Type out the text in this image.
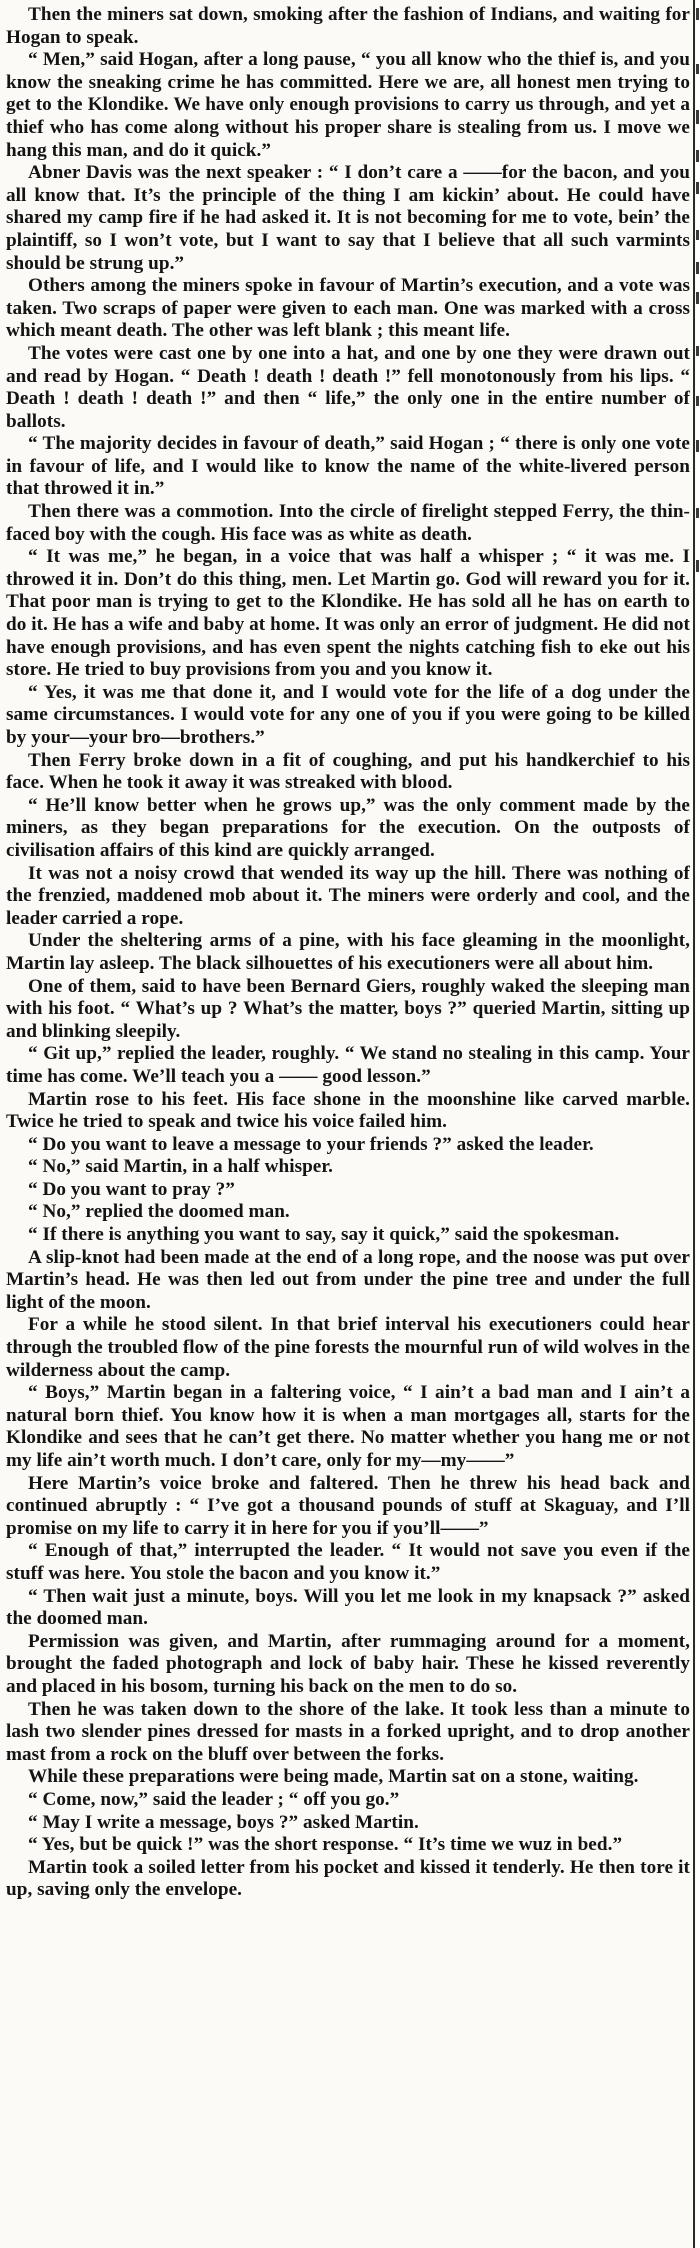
Then the miners sat down, smoking after the fashion of Indians, and waiting for Hogan to speak.

“ Men,” said Hogan, after a long pause, “ you all know who the thief is, and you know the sneaking crime he has committed. Here we are, all honest men trying to get to the Klondike. We have only enough provisions to carry us through, and yet a thief who has come along without his proper share is stealing from us. I move we hang this man, and do it quick.”

Abner Davis was the next speaker : “ I don’t care a ——for the bacon, and you all know that. It’s the principle of the thing I am kickin’ about. He could have shared my camp fire if he had asked it. It is not becoming for me to vote, bein’ the plaintiff, so I won’t vote, but I want to say that I believe that all such varmints should be strung up.”

Others among the miners spoke in favour of Martin’s execution, and a vote was taken. Two scraps of paper were given to each man. One was marked with a cross which meant death. The other was left blank ; this meant life.

The votes were cast one by one into a hat, and one by one they were drawn out and read by Hogan. “ Death ! death ! death !” fell monotonously from his lips. “ Death ! death ! death !” and then “ life,” the only one in the entire number of ballots.

“ The majority decides in favour of death,” said Hogan ; “ there is only one vote in favour of life, and I would like to know the name of the white-livered person that throwed it in.”

Then there was a commotion. Into the circle of firelight stepped Ferry, the thin-faced boy with the cough. His face was as white as death.

“ It was me,” he began, in a voice that was half a whisper ; “ it was me. I throwed it in. Don’t do this thing, men. Let Martin go. God will reward you for it. That poor man is trying to get to the Klondike. He has sold all he has on earth to do it. He has a wife and baby at home. It was only an error of judgment. He did not have enough provisions, and has even spent the nights catching fish to eke out his store. He tried to buy provisions from you and you know it.

“ Yes, it was me that done it, and I would vote for the life of a dog under the same circumstances. I would vote for any one of you if you were going to be killed by your—your bro—brothers.”

Then Ferry broke down in a fit of coughing, and put his handkerchief to his face. When he took it away it was streaked with blood.

“ He’ll know better when he grows up,” was the only comment made by the miners, as they began preparations for the execution. On the outposts of civilisation affairs of this kind are quickly arranged.

It was not a noisy crowd that wended its way up the hill. There was nothing of the frenzied, maddened mob about it. The miners were orderly and cool, and the leader carried a rope.

Under the sheltering arms of a pine, with his face gleaming in the moonlight, Martin lay asleep. The black silhouettes of his executioners were all about him.

One of them, said to have been Bernard Giers, roughly waked the sleeping man with his foot. “ What’s up ? What’s the matter, boys ?” queried Martin, sitting up and blinking sleepily.

“ Git up,” replied the leader, roughly. “ We stand no stealing in this camp. Your time has come. We’ll teach you a —— good lesson.”

Martin rose to his feet. His face shone in the moonshine like carved marble. Twice he tried to speak and twice his voice failed him.

“ Do you want to leave a message to your friends ?” asked the leader.

“ No,” said Martin, in a half whisper.

“ Do you want to pray ?”

“ No,” replied the doomed man.

“ If there is anything you want to say, say it quick,” said the spokesman.

A slip-knot had been made at the end of a long rope, and the noose was put over Martin’s head. He was then led out from under the pine tree and under the full light of the moon.

For a while he stood silent. In that brief interval his executioners could hear through the troubled flow of the pine forests the mournful run of wild wolves in the wilderness about the camp.

“ Boys,” Martin began in a faltering voice, “ I ain’t a bad man and I ain’t a natural born thief. You know how it is when a man mortgages all, starts for the Klondike and sees that he can’t get there. No matter whether you hang me or not my life ain’t worth much. I don’t care, only for my—my——”

Here Martin’s voice broke and faltered. Then he threw his head back and continued abruptly : “ I’ve got a thousand pounds of stuff at Skaguay, and I’ll promise on my life to carry it in here for you if you’ll——”

“ Enough of that,” interrupted the leader. “ It would not save you even if the stuff was here. You stole the bacon and you know it.”

“ Then wait just a minute, boys. Will you let me look in my knapsack ?” asked the doomed man.

Permission was given, and Martin, after rummaging around for a moment, brought the faded photograph and lock of baby hair. These he kissed reverently and placed in his bosom, turning his back on the men to do so.

Then he was taken down to the shore of the lake. It took less than a minute to lash two slender pines dressed for masts in a forked upright, and to drop another mast from a rock on the bluff over between the forks.

While these preparations were being made, Martin sat on a stone, waiting.

“ Come, now,” said the leader ; “ off you go.”

“ May I write a message, boys ?” asked Martin.

“ Yes, but be quick !” was the short response. “ It’s time we wuz in bed.”

Martin took a soiled letter from his pocket and kissed it tenderly. He then tore it up, saving only the envelope.
